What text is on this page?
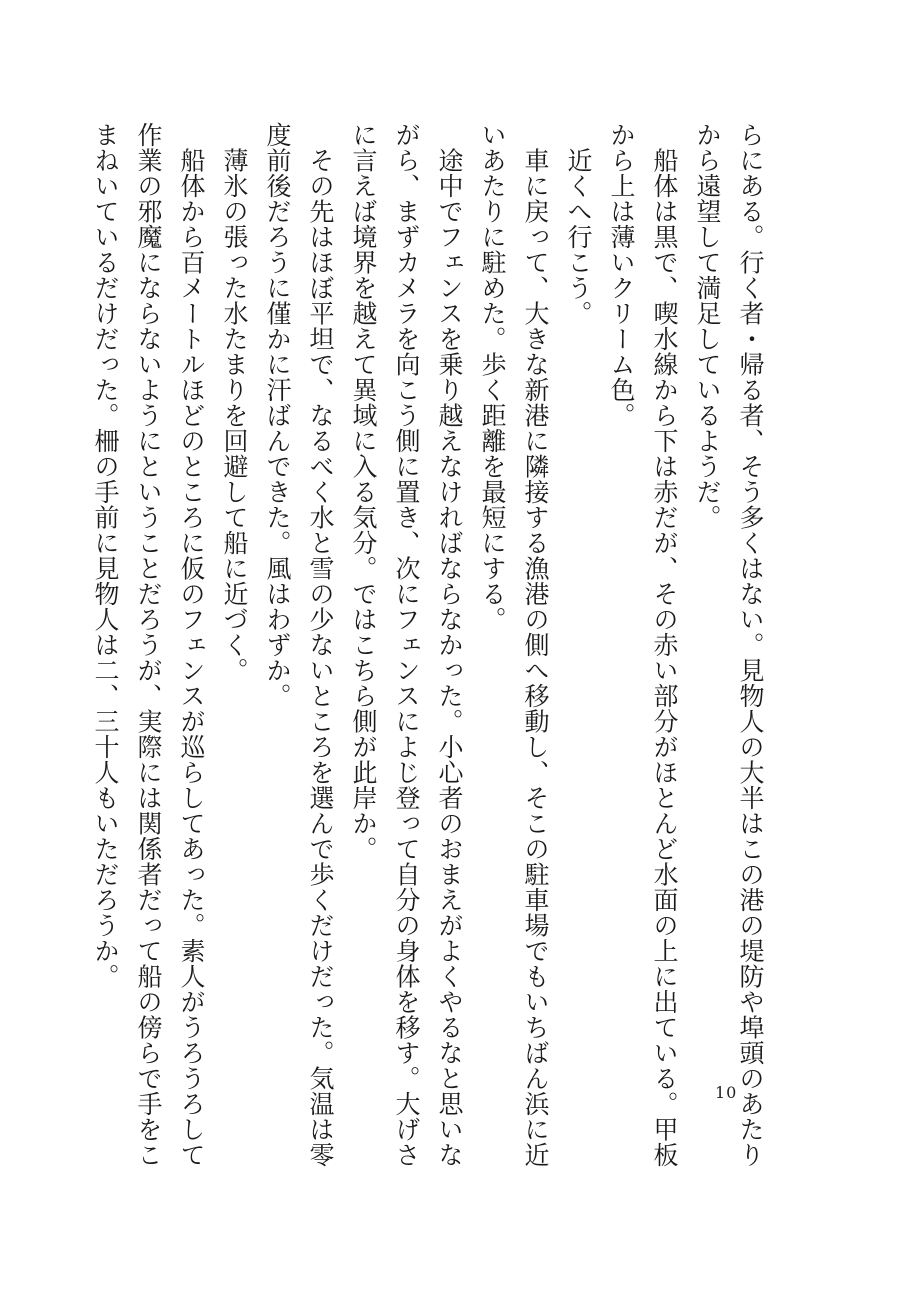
らにある。行く者・帰る者、そう多くはない。見物人の大半はこの港の堤防や埠頭のあたり
から遠望して満足しているようだ。
　船体は黒で、喫水線から下は赤だが、その赤い部分がほとんど水面の上に出ている。甲板
から上は薄いクリーム色。
　近くへ行こう。
　車に戻って、大きな新港に隣接する漁港の側へ移動し、そこの駐車場でもいちばん浜に近
いあたりに駐めた。歩く距離を最短にする。
　途中でフェンスを乗り越えなければならなかった。小心者のおまえがよくやるなと思いな
がら、まずカメラを向こう側に置き、次にフェンスによじ登って自分の身体を移す。大げさ
に言えば境界を越えて異域に入る気分。ではこちら側が此岸か。
　その先はほぼ平坦で、なるべく水と雪の少ないところを選んで歩くだけだった。気温は零
度前後だろうに僅かに汗ばんできた。風はわずか。
　薄氷の張った水たまりを回避して船に近づく。
　船体から百メートルほどのところに仮のフェンスが巡らしてあった。素人がうろうろして
作業の邪魔にならないようにということだろうが、実際には関係者だって船の傍らで手をこ
まねいているだけだった。柵の手前に見物人は二、三十人もいただろうか。
10
